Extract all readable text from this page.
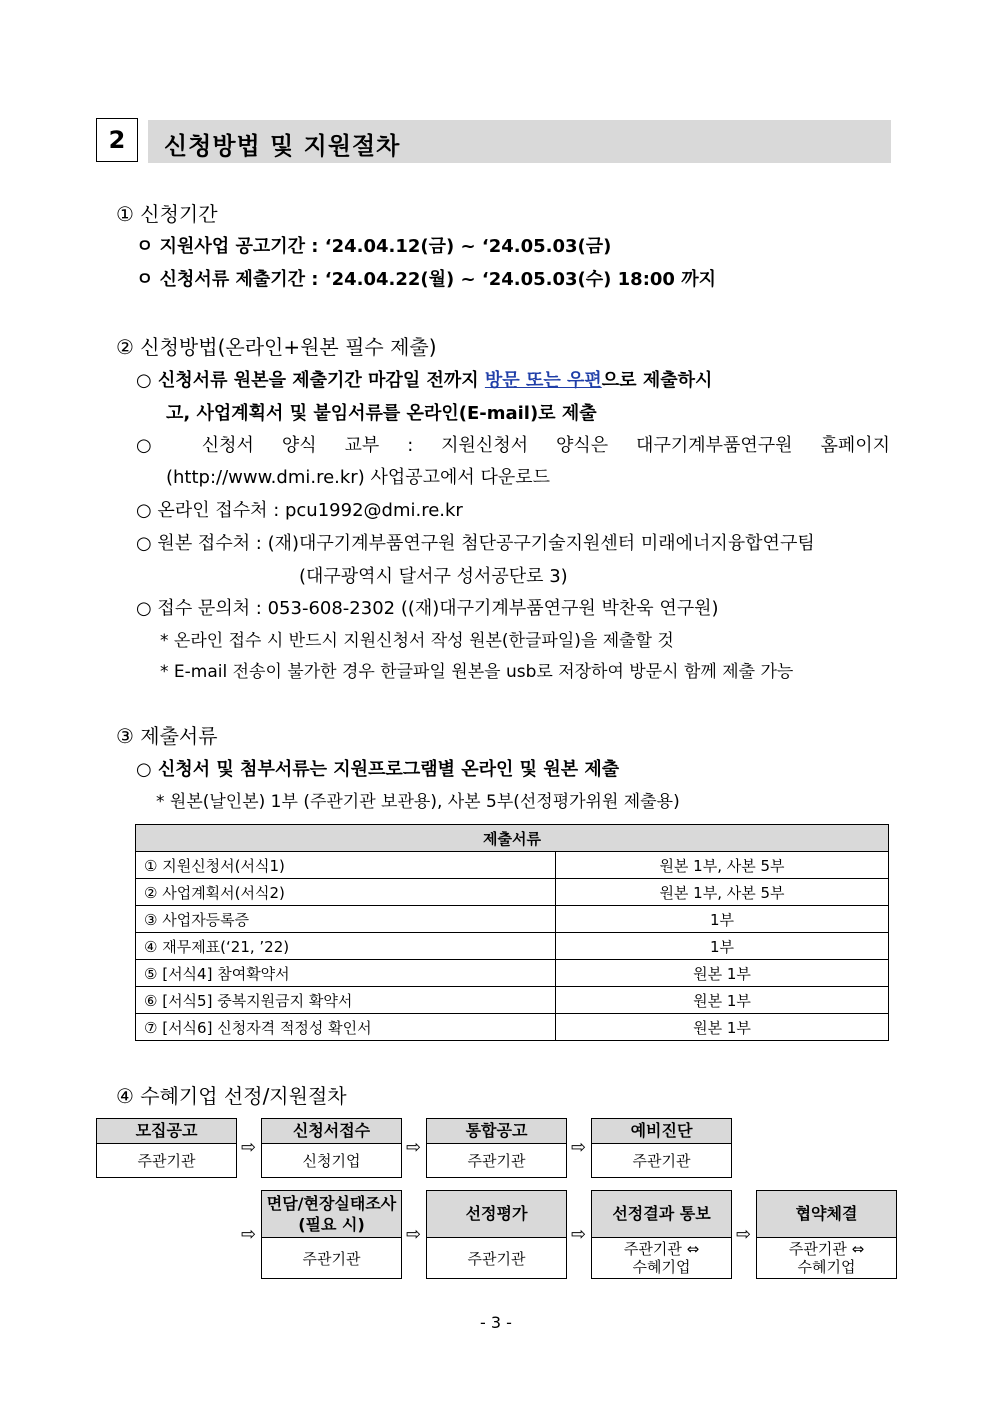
2	신청방법 및 지원절차
① 신청기간
ㅇ 지원사업 공고기간 : ‘24.04.12(금) ~ ‘24.05.03(금)
ㅇ 신청서류 제출기간 : ‘24.04.22(월) ~ ‘24.05.03(수) 18:00 까지
② 신청방법(온라인+원본 필수 제출)
○ 신청서류 원본을 제출기간 마감일 전까지 방문 또는 우편으로 제출하시
고, 사업계획서 및 붙임서류를 온라인(E-mail)로 제출
○ 신청서 양식 교부 : 지원신청서 양식은 대구기계부품연구원 홈페이지
(http://www.dmi.re.kr) 사업공고에서 다운로드
○ 온라인 접수처 : pcu1992@dmi.re.kr
○ 원본 접수처 : (재)대구기계부품연구원 첨단공구기술지원센터 미래에너지융합연구팀
(대구광역시 달서구 성서공단로 3)
○ 접수 문의처 : 053-608-2302 ((재)대구기계부품연구원 박찬욱 연구원)
* 온라인 접수 시 반드시 지원신청서 작성 원본(한글파일)을 제출할 것
* E-mail 전송이 불가한 경우 한글파일 원본을 usb로 저장하여 방문시 함께 제출 가능
③ 제출서류
○ 신청서 및 첨부서류는 지원프로그램별 온라인 및 원본 제출
* 원본(날인본) 1부 (주관기관 보관용), 사본 5부(선정평가위원 제출용)
제출서류	
① 지원신청서(서식1)	원본 1부, 사본 5부
② 사업계획서(서식2)	원본 1부, 사본 5부
③ 사업자등록증	1부
④ 재무제표(‘21, ’22)	1부
⑤ [서식4] 참여확약서	원본 1부
⑥ [서식5] 중복지원금지 확약서	원본 1부
⑦ [서식6] 신청자격 적정성 확인서	원본 1부
④ 수혜기업 선정/지원절차
모집공고
주관기관
⇨
신청서접수
신청기업
⇨
통합공고
주관기관
⇨
예비진단
주관기관
⇨
면담/현장실태조사
(필요 시)
주관기관
⇨
선정평가
주관기관
⇨
선정결과 통보
주관기관 ⇔
수혜기업
⇨
협약체결
주관기관 ⇔
수혜기업
- 3 -
